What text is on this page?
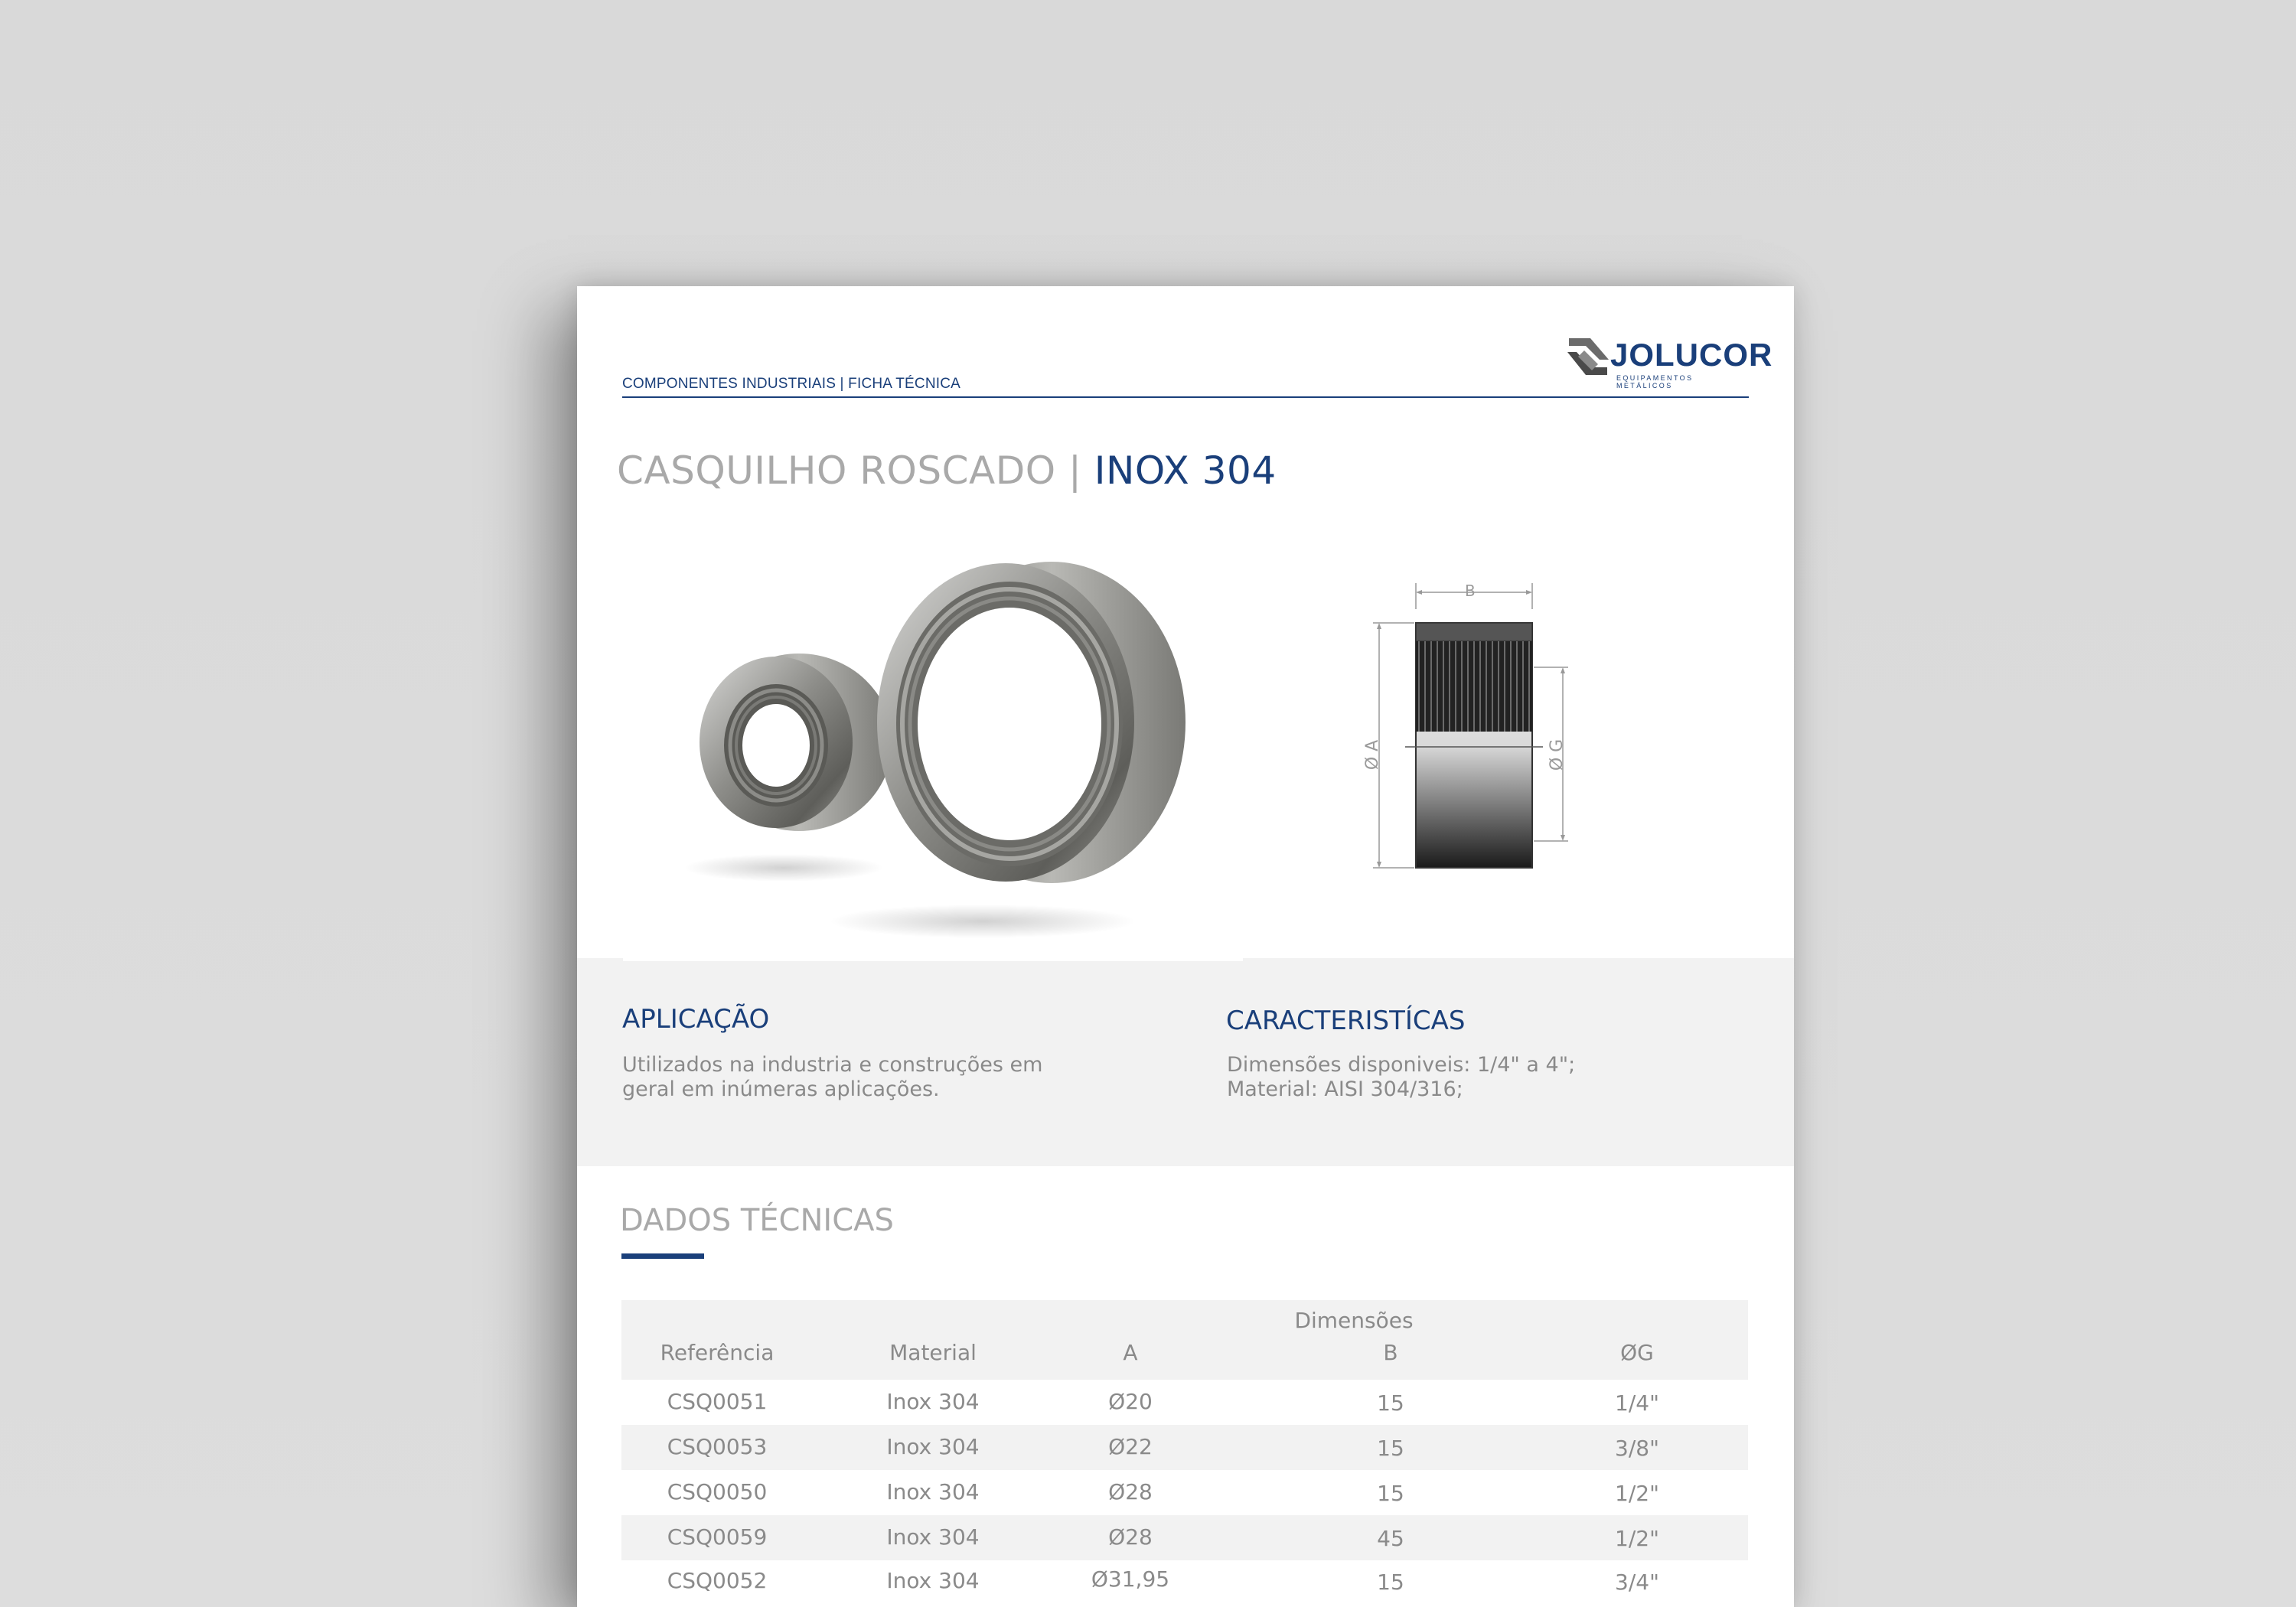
COMPONENTES INDUSTRIAIS | FICHA TÉCNICA
JOLUCOR
EQUIPAMENTOS METÁLICOS
CASQUILHO ROSCADO | INOX 304
B
Ø A	Ø G
APLICAÇÃO
Utilizados na industria e construções em
geral em inúmeras aplicações.
CARACTERISTÍCAS
Dimensões disponiveis: 1/4" a 4";
Material: AISI 304/316;
DADOS TÉCNICAS
Dimensões
Referência	Material	A	B	ØG
CSQ0051	Inox 304	Ø20	15	1/4"
CSQ0053	Inox 304	Ø22	15	3/8"
CSQ0050	Inox 304	Ø28	15	1/2"
CSQ0059	Inox 304	Ø28	45	1/2"
CSQ0052	Inox 304	Ø31,95	15	3/4"
